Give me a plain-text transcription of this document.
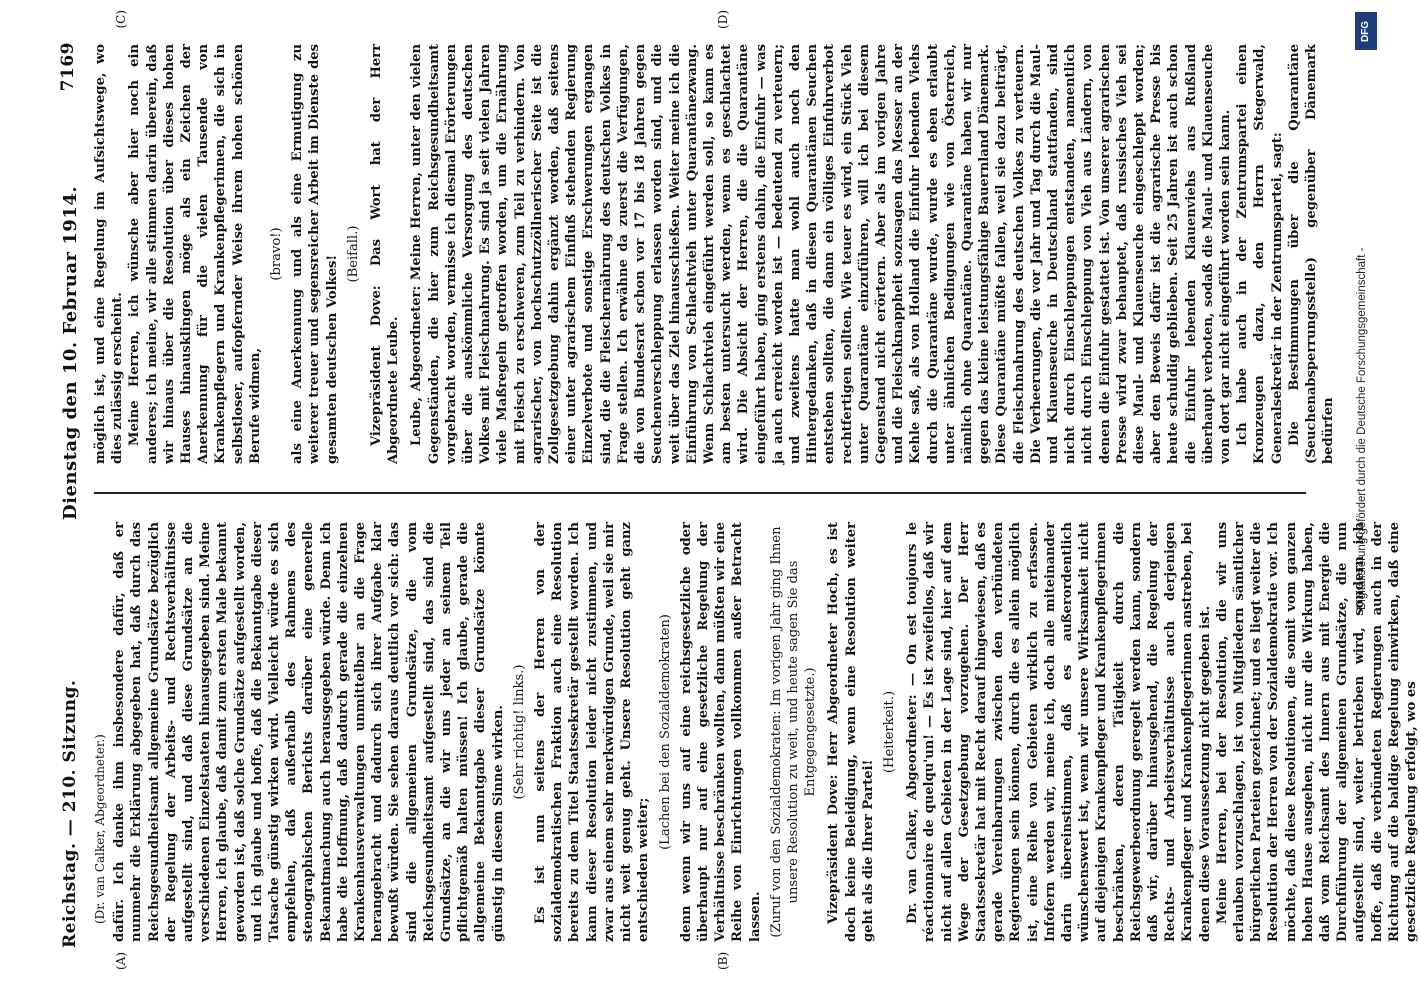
Reichstag. — 210. Sitzung.
Dienstag den 10. Februar 1914.
7169
(A)	(B)
(C)	(D)

(Dr. van Calker, Abgeordneter.) dafür. Ich danke ihm insbesondere dafür, daß er nunmehr die Erklärung abgegeben hat, daß durch das Reichsgesundheitsamt allgemeine Grundsätze bezüglich der Regelung der Arbeits- und Rechtsverhältnisse aufgestellt sind, und daß diese Grundsätze an die verschiedenen Einzelstaaten hinausgegeben sind. Meine Herren, ich glaube, daß damit zum ersten Male bekannt geworden ist, daß solche Grundsätze aufgestellt worden, und ich glaube und hoffe, daß die Bekanntgabe dieser Tatsache günstig wirken wird. Vielleicht würde es sich empfehlen, daß außerhalb des Rahmens des stenographischen Berichts darüber eine generelle Bekanntmachung auch herausgegeben würde. Denn ich habe die Hoffnung, daß dadurch gerade die einzelnen Krankenhausverwaltungen unmittelbar an die Frage herangebracht und dadurch sich ihrer Aufgabe klar bewußt würden. Sie sehen daraus deutlich vor sich: das sind die allgemeinen Grundsätze, die vom Reichsgesundheitsamt aufgestellt sind, das sind die Grundsätze, an die wir uns jeder an seinem Teil pflichtgemäß halten müssen! Ich glaube, gerade die allgemeine Bekanntgabe dieser Grundsätze könnte günstig in diesem Sinne wirken. (Sehr richtig! links.) Es ist nun seitens der Herren von der sozialdemokratischen Fraktion auch eine Resolution bereits zu dem Titel Staatssekretär gestellt worden. Ich kann dieser Resolution leider nicht zustimmen, und zwar aus einem sehr merkwürdigen Grunde, weil sie mir nicht weit genug geht. Unsere Resolution geht ganz entschieden weiter;

(Lachen bei den Sozialdemokraten) denn wenn wir uns auf eine reichsgesetzliche oder überhaupt nur auf eine gesetzliche Regelung der Verhältnisse beschränken wollten, dann müßten wir eine Reihe von Einrichtungen vollkommen außer Betracht lassen. (Zuruf von den Sozialdemokraten: Im vorigen Jahr ging Ihnen unsere Resolution zu weit, und heute sagen Sie das Entgegengesetzte.) Vizepräsident Dove: Herr Abgeordneter Hoch, es ist doch keine Beleidigung, wenn eine Resolution weiter geht als die Ihrer Partei!

(Heiterkeit.) Dr. van Calker, Abgeordneter: — On est toujours le réactionnaire de quelqu'un! — Es ist zweifellos, daß wir nicht auf allen Gebieten in der Lage sind, hier auf dem Wege der Gesetzgebung vorzugehen. Der Herr Staatssekretär hat mit Recht darauf hingewiesen, daß es gerade Vereinbarungen zwischen den verbündeten Regierungen sein können, durch die es allein möglich ist, eine Reihe von Gebieten wirklich zu erfassen. Infofern werden wir, meine ich, doch alle miteinander darin übereinstimmen, daß es außerordentlich wünschenswert ist, wenn wir unsere Wirksamkeit nicht auf diejenigen Krankenpfleger und Krankenpflegerinnen beschränken, deren Tätigkeit durch die Reichsgewerbeordnung geregelt werden kann, sondern daß wir, darüber hinausgehend, die Regelung der Rechts- und Arbeitsverhältnisse auch derjenigen Krankenpfleger und Krankenpflegerinnen anstreben, bei denen diese Voraussetzung nicht gegeben ist. Meine Herren, bei der Resolution, die wir uns erlauben vorzuschlagen, ist von Mitgliedern sämtlicher bürgerlichen Parteien gezeichnet; und es liegt weiter die Resolution der Herren von der Sozialdemokratie vor. Ich möchte, daß diese Resolutionen, die somit vom ganzen hohen Hause ausgehen, nicht nur die Wirkung haben, daß vom Reichsamt des Innern aus mit Energie die Durchführung der allgemeinen Grundsätze, die nun aufgestellt sind, weiter betrieben wird, sondern ich hoffe, daß die verbündeten Regierungen auch in der Richtung auf die baldige Regelung einwirken, daß eine gesetzliche Regelung erfolgt, wo es

möglich ist, und eine Regelung im Aufsichtswege, wo dies zulässig erscheint. Meine Herren, ich wünsche aber hier noch ein anderes; ich meine, wir alle stimmen darin überein, daß wir hinaus über die Resolution über dieses hohen Hauses hinausklingen möge als ein Zeichen der Anerkennung für die vielen Tausende von Krankenpflegern und Krankenpflegerinnen, die sich in selbstloser, aufopfernder Weise ihrem hohen schönen Berufe widmen,

(bravo!) als eine Anerkennung und als eine Ermutigung zu weiterer treuer und segensreicher Arbeit im Dienste des gesamten deutschen Volkes!

(Beifall.) Vizepräsident Dove: Das Wort hat der Herr Abgeordnete Leube. Leube, Abgeordneter: Meine Herren, unter den vielen Gegenständen, die hier zum Reichsgesundheitsamt vorgebracht worden, vermisse ich diesmal Erörterungen über die auskömmliche Versorgung des deutschen Volkes mit Fleischnahrung. Es sind ja seit vielen Jahren viele Maßregeln getroffen worden, um die Ernährung mit Fleisch zu erschweren, zum Teil zu verhindern. Von agrarischer, von hochschutzzöllnerischer Seite ist die Zollgesetzgebung dahin ergänzt worden, daß seitens einer unter agrarischem Einfluß stehenden Regierung Einzelverbote und sonstige Erschwerungen ergangen sind, die die Fleischernährung des deutschen Volkes in Frage stellen. Ich erwähne da zuerst die Verfügungen, die von Bundesrat schon vor 17 bis 18 Jahren gegen Seuchenverschleppung erlassen worden sind, und die weit über das Ziel hinausschießen. Weiter meine ich die Einführung von Schlachtvieh unter Quarantänezwang. Wenn Schlachtvieh eingeführt werden soll, so kann es am besten untersucht werden, wenn es geschlachtet wird. Die Absicht der Herren, die die Quarantäne eingeführt haben, ging erstens dahin, die Einfuhr — was ja auch erreicht worden ist — bedeutend zu verteuern; und zweitens hatte man wohl auch noch den Hintergedanken, daß in diesen Quarantänen Seuchen entstehen sollten, die dann ein völliges Einfuhrverbot rechtfertigen sollten. Wie teuer es wird, ein Stück Vieh unter Quarantäne einzuführen, will ich bei diesem Gegenstand nicht erörtern. Aber als im vorigen Jahre und die Fleischknappheit sozusagen das Messer an der Kehle saß, als von Holland die Einfuhr lebenden Viehs durch die Quarantäne wurde, wurde es eben erlaubt unter ähnlichen Bedingungen wie von Österreich, nämlich ohne Quarantäne. Quarantäne haben wir nur gegen das kleine leistungsfähige Bauernland Dänemark. Diese Quarantäne müßte fallen, weil sie dazu beiträgt, die Fleischnahrung des deutschen Volkes zu verteuern. Die Verheerungen, die vor Jahr und Tag durch die Maul- und Klauenseuche in Deutschland stattfanden, sind nicht durch Einschleppungen entstanden, namentlich nicht durch Einschleppung von Vieh aus Ländern, von denen die Einfuhr gestattet ist. Von unserer agrarischen Presse wird zwar behauptet, daß russisches Vieh sei diese Maul- und Klauenseuche eingeschleppt worden; aber den Beweis dafür ist die agrarische Presse bis heute schuldig geblieben. Seit 25 Jahren ist auch schon die Einfuhr lebenden Klauenviehs aus Rußland überhaupt verboten, sodaß die Maul- und Klauenseuche von dort gar nicht eingeführt worden sein kann. Ich habe auch in der Zentrumspartei einen Kronzeugen dazu, den Herrn Stegerwald, Generalsekretär in der Zentrumspartei, sagt: Die Bestimmungen über die Quarantäne (Seuchenabsperrungsstelle) gegenüber Dänemark bedürfen

DFG
Digitalisierung gefördert durch die Deutsche Forschungsgemeinschaft -
